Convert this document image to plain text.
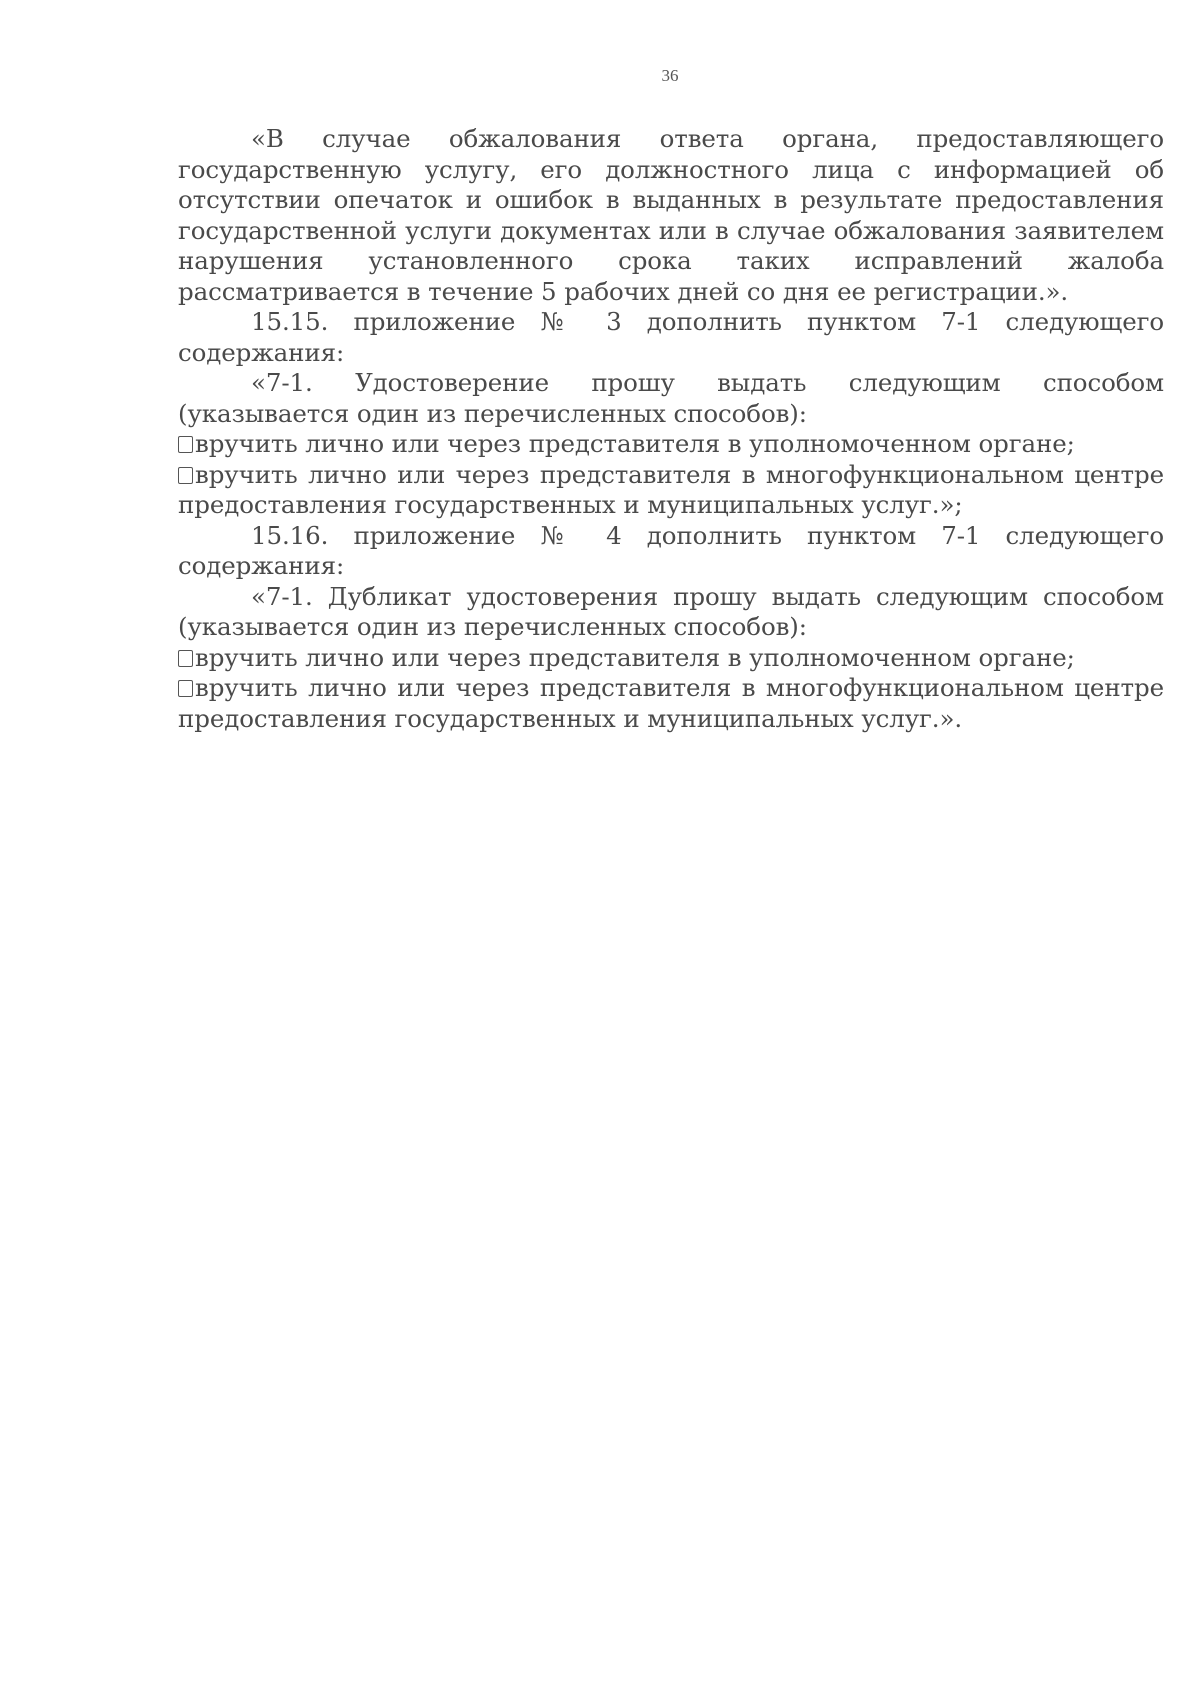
36

«В случае обжалования ответа органа, предоставляющего государственную услугу, его должностного лица с информацией об отсутствии опечаток и ошибок в выданных в результате предоставления государственной услуги документах или в случае обжалования заявителем нарушения установленного срока таких исправлений жалоба рассматривается в течение 5 рабочих дней со дня ее регистрации.».

15.15. приложение № 3 дополнить пунктом 7-1 следующего содержания:

«7-1. Удостоверение прошу выдать следующим способом (указывается один из перечисленных способов):

вручить лично или через представителя в уполномоченном органе;

вручить лично или через представителя в многофункциональном центре предоставления государственных и муниципальных услуг.»;

15.16. приложение № 4 дополнить пунктом 7-1 следующего содержания:

«7-1. Дубликат удостоверения прошу выдать следующим способом (указывается один из перечисленных способов):

вручить лично или через представителя в уполномоченном органе;

вручить лично или через представителя в многофункциональном центре предоставления государственных и муниципальных услуг.».
